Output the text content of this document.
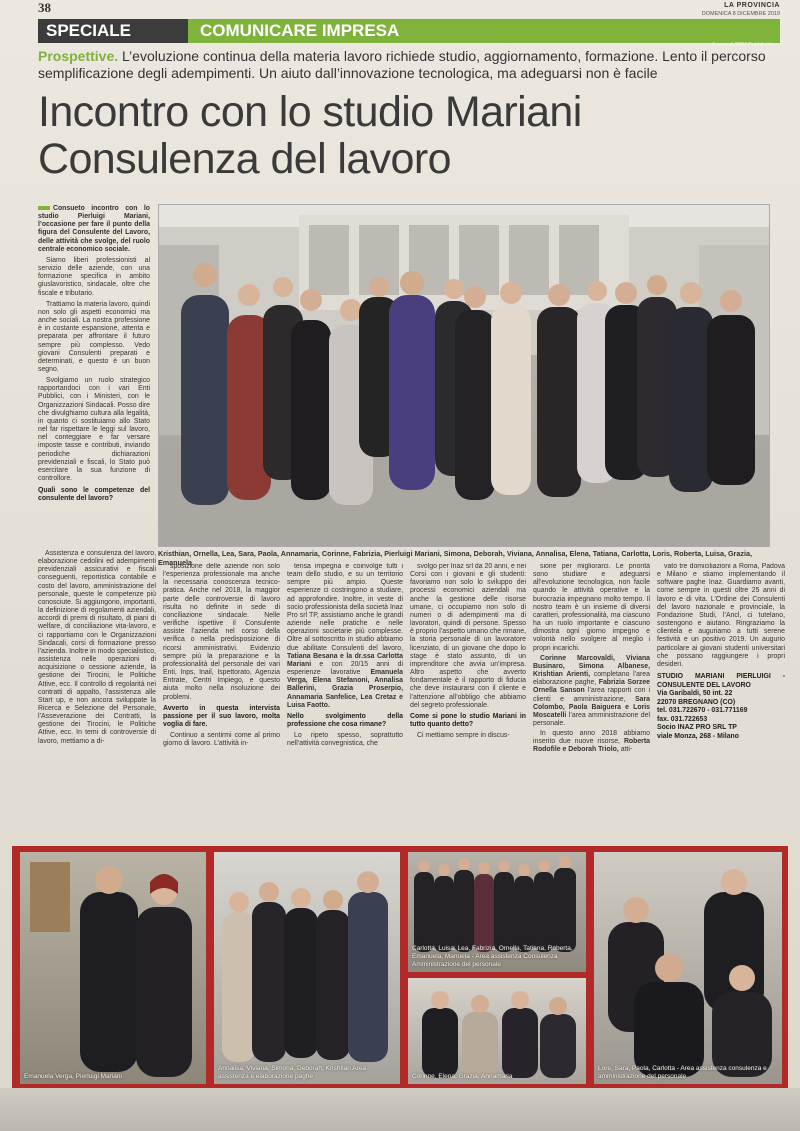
38	LA PROVINCIA
DOMENICA 8 DICEMBRE 2019
SPECIALE	COMUNICARE IMPRESA
A cura di SPM Pubblicità
Prospettive. L’evoluzione continua della materia lavoro richiede studio, aggiornamento, formazione. Lento il percorso semplificazione degli adempimenti. Un aiuto dall’innovazione tecnologica, ma adeguarsi non è facile
Incontro con lo studio Mariani
Consulenza del lavoro

Consueto incontro con lo studio Pierluigi Mariani, l’occasione per fare il punto della figura del Consulente del Lavoro, delle attività che svolge, del ruolo centrale economico sociale.

Siamo liberi professionisti al servizio delle aziende, con una formazione specifica in ambito giuslavoristico, sindacale, oltre che fiscale e tributario.

Trattiamo la materia lavoro, quindi non solo gli aspetti economici ma anche sociali. La nostra professione è in costante espansione, attenta e preparata per affrontare il futuro sempre più complesso. Vedo giovani Consulenti preparati e determinati, e questo è un buon segno.

Svolgiamo un ruolo strategico rapportandoci con i vari Enti Pubblici, con i Ministeri, con le Organizzazioni Sindacali. Posso dire che divulghiamo cultura alla legalità, in quanto ci sostituiamo allo Stato nel far rispettare le leggi sul lavoro, nel conteggiare e far versare imposte tasse e contributi, inviando periodiche dichiarazioni previdenziali e fiscali, lo Stato può esercitare la sua funzione di controllore.

Quali sono le competenze del consulente del lavoro?

Kristhian, Ornella, Lea, Sara, Paola, Annamaria, Corinne, Fabrizia, Pierluigi Mariani, Simona, Deborah, Viviana, Annalisa, Elena, Tatiana, Carlotta, Loris, Roberta, Luisa, Grazia, Emanuela

Assistenza e consulenza del lavoro, elaborazione cedolini ed adempimenti previdenziali assicurativi e fiscali conseguenti, reportistica contabile e costo del lavoro, amministrazione del personale, queste le competenze più conosciute. Si aggiungono, importanti, la definizione di regolamenti aziendali, accordi di premi di risultato, di piani di welfare, di conciliazione vita-lavoro, e ci rapportiamo con le Organizzazioni Sindacali, corsi di formazione presso l’azienda. Inoltre in modo specialistico, assistenza nelle operazioni di acquisizione o cessione aziende, la gestione dei Tirocini, le Politiche Attive, ecc. Il controllo di regolarità nei contratti di appalto, l’assistenza alle Start up, e non ancora sviluppate la Ricerca e Selezione del Personale, l’Asseverazione dei Contratti, la gestione dei Tirocini, le Politiche Attive, ecc. In temi di controversie di lavoro, mettiamo a di-

sposizione delle aziende non solo l’esperienza professionale ma anche la necessaria conoscenza tecnico-pratica. Anche nel 2018, la maggior parte delle controversie di lavoro risulta no definite in sede di conciliazione sindacale. Nelle verifiche ispettive il Consulente assiste l’azienda nel corso della verifica o nella predisposizione di ricorsi amministrativi. Evidenzio sempre più la preparazione e la professionalità del personale dei vari Enti, Inps, Inail, Ispettorato, Agenzia Entrate, Centri Impiego, e questo aiuta molto nella risoluzione dei problemi.

Avverto in questa intervista passione per il suo lavoro, molta voglia di fare.

Continuo a sentirmi come al primo giorno di lavoro. L’attività in-

tensa impegna e coinvolge tutti i team dello studio, e su un territorio sempre più ampio. Queste esperienze ci costringono a studiare, ad approfondire. Inoltre, in veste di socio professionista della società Inaz Pro srl TP, assistiamo anche le grandi aziende nelle pratiche e nelle operazioni societarie più complesse. Oltre al sottoscritto in studio abbiamo due abilitate Consulenti del lavoro, Tatiana Besana e la dr.ssa Carlotta Mariani e con 20/15 anni di esperienze lavorative Emanuela Verga, Elena Stefanoni, Annalisa Ballerini, Grazia Proserpio, Annamaria Sanfelice, Lea Cretaz e Luisa Faotto.

Nello svolgimento della professione che cosa rimane?

Lo ripeto spesso, soprattutto nell’attività convegnistica, che

svolgo per Inaz srl da 20 anni, e nei Corsi con i giovani e gli studenti: favoriamo non solo lo sviluppo dei processi economici aziendali ma anche la gestione delle risorse umane, ci occupiamo non solo di numeri o di adempimenti ma di lavoratori, quindi di persone. Spesso è proprio l’aspetto umano che rimane, la storia personale di un lavoratore licenziato, di un giovane che dopo lo stage è stato assunto, di un imprenditore che avvia un’impresa. Altro aspetto che avverto fondamentale è il rapporto di fiducia che deve instaurarsi con il cliente e l’attenzione all’obbligo che abbiamo del segreto professionale.

Come si pone lo studio Mariani in tutto quanto detto?

Ci mettiamo sempre in discus-

sione per migliorarci. Le priorità sono studiare e adeguarsi all’evoluzione tecnologica, non facile quando le attività operative e la burocrazia impegnano molto tempo. Il nostro team è un insieme di diversi caratteri, professionalità, ma ciascuno ha un ruolo importante e ciascuno dimostra ogni giorno impegno e volontà nello svolgere al meglio i propri incarichi.

Corinne Marcovaldi, Viviana Businaro, Simona Albanese, Krishtian Arienti, completano l’area elaborazione paghe, Fabrizia Sorzee Ornella Sanson l’area rapporti con i clienti e amministrazione, Sara Colombo, Paola Baiguera e Loris Moscatelli l’area amministrazione del personale.

In questo anno 2018 abbiamo inserito due nuove risorse, Roberta Rodofile e Deborah Triolo, atti-

vato tre domiciliazioni a Roma, Padova e Milano e stiamo implementando il software paghe Inaz. Guardiamo avanti, come sempre in questi oltre 25 anni di lavoro e di vita. L’Ordine dei Consulenti del lavoro nazionale e provinciale, la Fondazione Studi, l’Ancl, ci tutelano, sostengono e aiutano. Ringraziamo la clientela e auguriamo a tutti serene festività e un positivo 2019. Un augurio particolare ai giovani studenti universitari che possano raggiungere i propri desideri.

STUDIO MARIANI PIERLUIGI - CONSULENTE DEL LAVORO
Via Garibaldi, 50 int. 22
22070 BREGNANO (CO)
tel. 031.722670 - 031.771169
fax. 031.722653
Socio INAZ PRO SRL TP
viale Monza, 268 - Milano
Emanuela Verga, Pierluigi Mariani
Annalisa, Viviana, Simona, Deborah, Krishtian Area assistenza e elaborazione paghe
Carlotta, Luisa, Lea, Fabrizia, Ornella, Tatiana, Roberta, Emanuela, Manuela - Area assistenza Consulenza Amministrazione del personale
Corinne, Elena, Grazia, Annamaria
Lore, Sara, Paola, Carlotta - Area assistenza consulenza e amministrazione del personale
